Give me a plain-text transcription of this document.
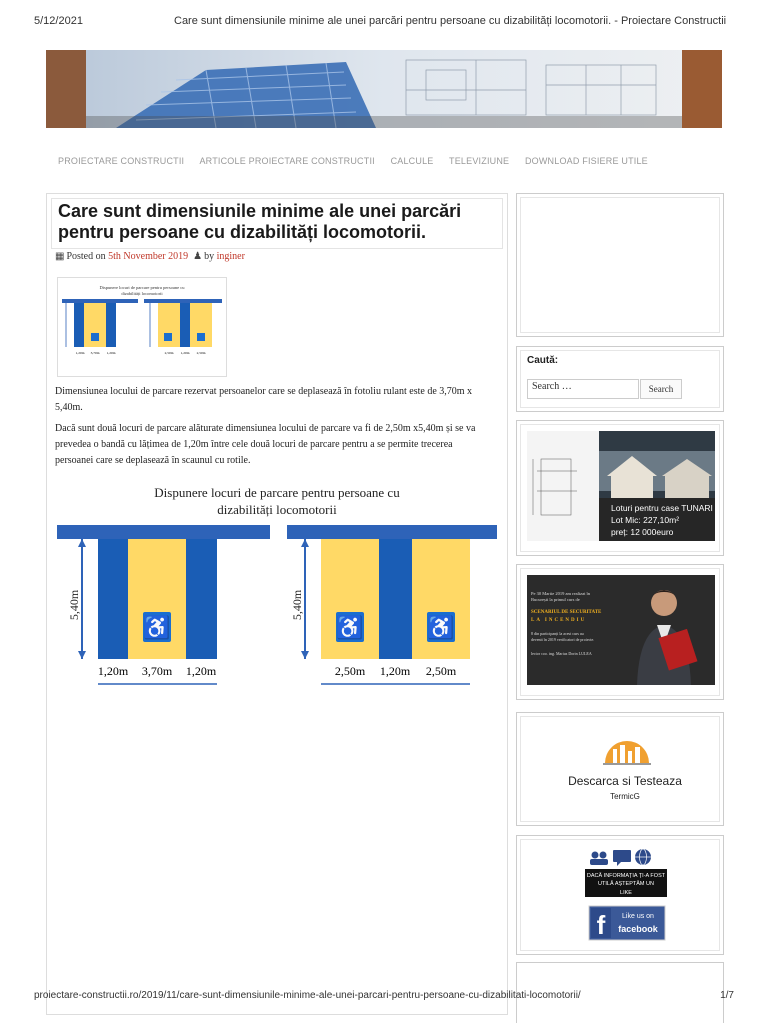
5/12/2021	Care sunt dimensiunile minime ale unei parcări pentru persoane cu dizabilități locomotorii. - Proiectare Constructii
PROIECTARE CONSTRUCTII ARTICOLE PROIECTARE CONSTRUCTII CALCULE TELEVIZIUNE DOWNLOAD FISIERE UTILE
Care sunt dimensiunile minime ale unei parcări pentru persoane cu dizabilități locomotorii.
▦ Posted on 5th November 2019 ♟ by inginer
Dispunere locuri de parcare pentru persoane cu
dizabilități locomotorii
1,20m 3,70m 1,20m	2,50m 1,20m 2,50m
Dimensiunea locului de parcare rezervat persoanelor care se deplasează în fotoliu rulant este de 3,70m x 5,40m.
Dacă sunt două locuri de parcare alăturate dimensiunea locului de parcare va fi de 2,50m x5,40m și se va prevedea o bandă cu lățimea de 1,20m între cele două locuri de parcare pentru a se permite trecerea persoanei care se deplasează în scaunul cu rotile.
Dispunere locuri de parcare pentru persoane cu
dizabilități locomotorii
♿
5,40m
1,20m 3,70m 1,20m
♿	♿
5,40m
2,50m 1,20m 2,50m
Caută:
Search …	Search
Loturi pentru case TUNARI
Lot Mic: 227,10m²
preț: 12 000euro
Pe 30 Martie 2019 am realizat în
București la primul curs de
SCENARIUL DE SECURITATE
LA INCENDIU
8 din participanți la acest curs au
devenit în 2019 verificatori de proiecte.
lector coo. ing. Marius Dorin LULEA
Descarca si Testeaza
TermicG
DACĂ INFORMAȚIA ȚI-A FOST
UTILĂ AȘTEPTĂM UN
LIKE
f Like us on
facebook
proiectare-constructii.ro/2019/11/care-sunt-dimensiunile-minime-ale-unei-parcari-pentru-persoane-cu-dizabilitati-locomotorii/	1/7
